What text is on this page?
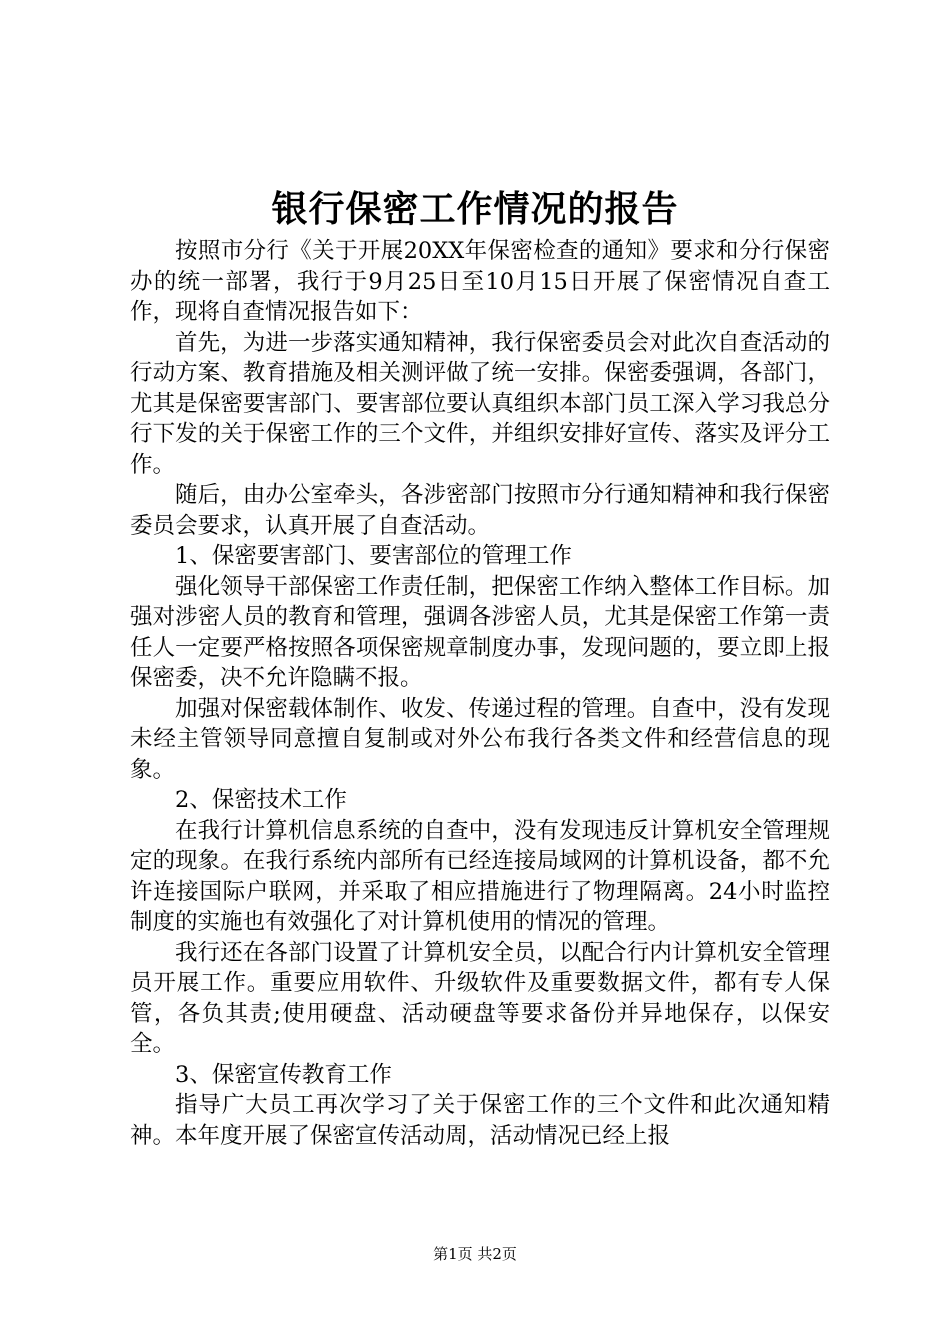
银行保密工作情况的报告

按照市分行《关于开展20XX年保密检查的通知》要求和分行保密办的统一部署，我行于9月25日至10月15日开展了保密情况自查工作，现将自查情况报告如下：

首先，为进一步落实通知精神，我行保密委员会对此次自查活动的行动方案、教育措施及相关测评做了统一安排。保密委强调，各部门，尤其是保密要害部门、要害部位要认真组织本部门员工深入学习我总分行下发的关于保密工作的三个文件，并组织安排好宣传、落实及评分工作。

随后，由办公室牵头，各涉密部门按照市分行通知精神和我行保密委员会要求，认真开展了自查活动。

1、保密要害部门、要害部位的管理工作

强化领导干部保密工作责任制，把保密工作纳入整体工作目标。加强对涉密人员的教育和管理，强调各涉密人员，尤其是保密工作第一责任人一定要严格按照各项保密规章制度办事，发现问题的，要立即上报保密委，决不允许隐瞒不报。

加强对保密载体制作、收发、传递过程的管理。自查中，没有发现未经主管领导同意擅自复制或对外公布我行各类文件和经营信息的现象。

2、保密技术工作

在我行计算机信息系统的自查中，没有发现违反计算机安全管理规定的现象。在我行系统内部所有已经连接局域网的计算机设备，都不允许连接国际户联网，并采取了相应措施进行了物理隔离。24小时监控制度的实施也有效强化了对计算机使用的情况的管理。

我行还在各部门设置了计算机安全员，以配合行内计算机安全管理员开展工作。重要应用软件、升级软件及重要数据文件，都有专人保管，各负其责;使用硬盘、活动硬盘等要求备份并异地保存，以保安全。

3、保密宣传教育工作

指导广大员工再次学习了关于保密工作的三个文件和此次通知精神。本年度开展了保密宣传活动周，活动情况已经上报

第1页 共2页
